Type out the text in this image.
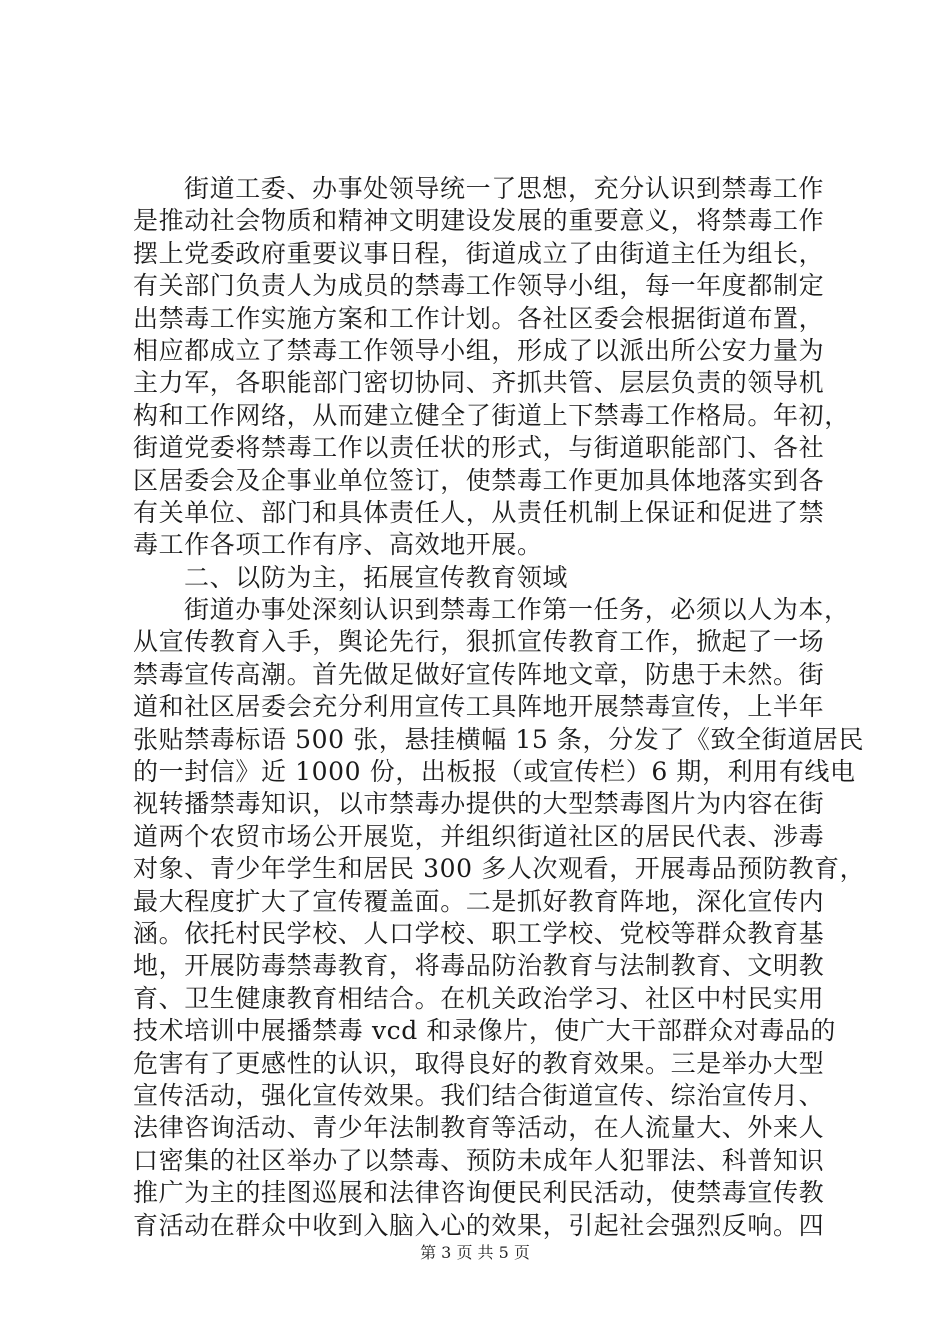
街道工委、办事处领导统一了思想，充分认识到禁毒工作
是推动社会物质和精神文明建设发展的重要意义，将禁毒工作
摆上党委政府重要议事日程，街道成立了由街道主任为组长，
有关部门负责人为成员的禁毒工作领导小组，每一年度都制定
出禁毒工作实施方案和工作计划。各社区委会根据街道布置，
相应都成立了禁毒工作领导小组，形成了以派出所公安力量为
主力军，各职能部门密切协同、齐抓共管、层层负责的领导机
构和工作网络，从而建立健全了街道上下禁毒工作格局。年初，
街道党委将禁毒工作以责任状的形式，与街道职能部门、各社
区居委会及企事业单位签订，使禁毒工作更加具体地落实到各
有关单位、部门和具体责任人，从责任机制上保证和促进了禁
毒工作各项工作有序、高效地开展。
二、以防为主，拓展宣传教育领域
街道办事处深刻认识到禁毒工作第一任务，必须以人为本，
从宣传教育入手，舆论先行，狠抓宣传教育工作，掀起了一场
禁毒宣传高潮。首先做足做好宣传阵地文章，防患于未然。街
道和社区居委会充分利用宣传工具阵地开展禁毒宣传，上半年
张贴禁毒标语 500 张，悬挂横幅 15 条，分发了《致全街道居民
的一封信》近 1000 份，出板报（或宣传栏）6 期，利用有线电
视转播禁毒知识，以市禁毒办提供的大型禁毒图片为内容在街
道两个农贸市场公开展览，并组织街道社区的居民代表、涉毒
对象、青少年学生和居民 300 多人次观看，开展毒品预防教育，
最大程度扩大了宣传覆盖面。二是抓好教育阵地，深化宣传内
涵。依托村民学校、人口学校、职工学校、党校等群众教育基
地，开展防毒禁毒教育，将毒品防治教育与法制教育、文明教
育、卫生健康教育相结合。在机关政治学习、社区中村民实用
技术培训中展播禁毒 vcd 和录像片，使广大干部群众对毒品的
危害有了更感性的认识，取得良好的教育效果。三是举办大型
宣传活动，强化宣传效果。我们结合街道宣传、综治宣传月、
法律咨询活动、青少年法制教育等活动，在人流量大、外来人
口密集的社区举办了以禁毒、预防未成年人犯罪法、科普知识
推广为主的挂图巡展和法律咨询便民利民活动，使禁毒宣传教
育活动在群众中收到入脑入心的效果，引起社会强烈反响。四
第 3 页 共 5 页
